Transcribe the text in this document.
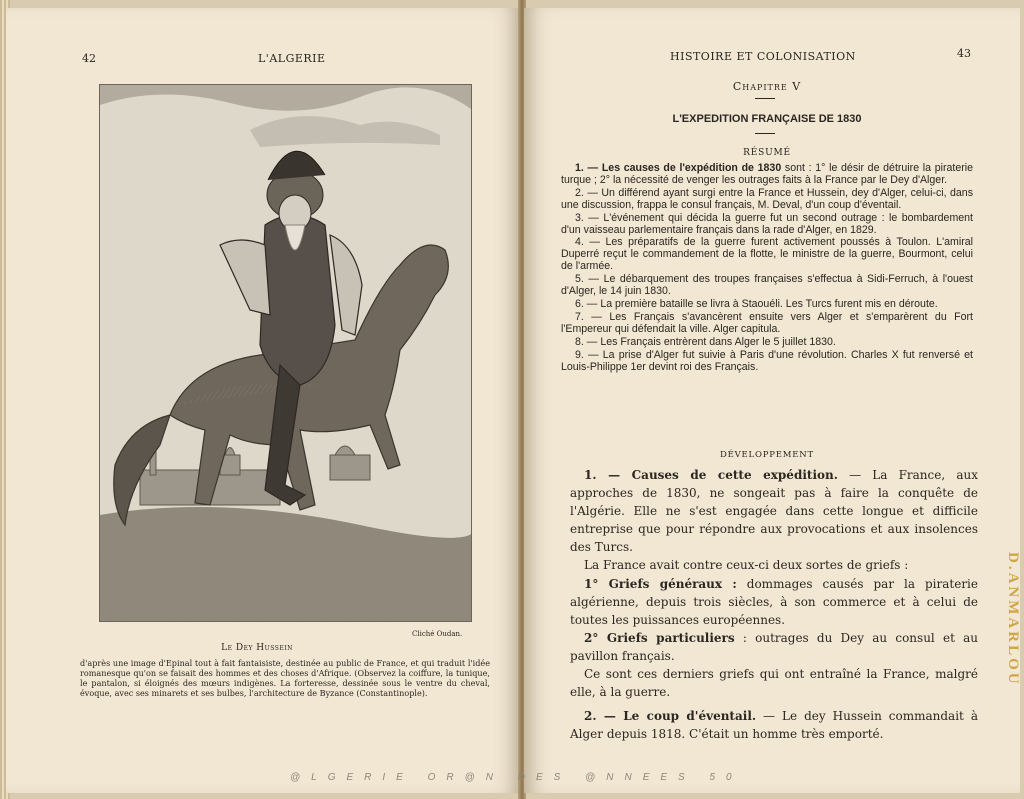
42	L'ALGERIE
Cliché Oudan.
Le Dey Hussein
d'après une image d'Epinal tout à fait fantaisiste, destinée au public de France, et qui traduit l'idée romanesque qu'on se faisait des hommes et des choses d'Afrique. (Observez la coiffure, la tunique, le pantalon, si éloignés des mœurs indigènes. La forteresse, dessinée sous le ventre du cheval, évoque, avec ses minarets et ses bulbes, l'architecture de Byzance (Constantinople).
HISTOIRE ET COLONISATION	43
Chapitre V
L'EXPEDITION FRANÇAISE DE 1830
RÉSUMÉ

1. — Les causes de l'expédition de 1830 sont : 1° le désir de détruire la piraterie turque ; 2° la nécessité de venger les outrages faits à la France par le Dey d'Alger.

2. — Un différend ayant surgi entre la France et Hussein, dey d'Alger, celui-ci, dans une discussion, frappa le consul français, M. Deval, d'un coup d'éventail.

3. — L'événement qui décida la guerre fut un second outrage : le bombardement d'un vaisseau parlementaire français dans la rade d'Alger, en 1829.

4. — Les préparatifs de la guerre furent activement poussés à Toulon. L'amiral Duperré reçut le commandement de la flotte, le ministre de la guerre, Bourmont, celui de l'armée.

5. — Le débarquement des troupes françaises s'effectua à Sidi-Ferruch, à l'ouest d'Alger, le 14 juin 1830.

6. — La première bataille se livra à Staouéli. Les Turcs furent mis en déroute.

7. — Les Français s'avancèrent ensuite vers Alger et s'emparèrent du Fort l'Empereur qui défendait la ville. Alger capitula.

8. — Les Français entrèrent dans Alger le 5 juillet 1830.

9. — La prise d'Alger fut suivie à Paris d'une révolution. Charles X fut renversé et Louis-Philippe 1er devint roi des Français.

DÉVELOPPEMENT

1. — Causes de cette expédition. — La France, aux approches de 1830, ne songeait pas à faire la conquête de l'Algérie. Elle ne s'est engagée dans cette longue et difficile entreprise que pour répondre aux provocations et aux insolences des Turcs.

La France avait contre ceux-ci deux sortes de griefs :

1° Griefs généraux : dommages causés par la piraterie algérienne, depuis trois siècles, à son commerce et à celui de toutes les puissances européennes.

2° Griefs particuliers : outrages du Dey au consul et au pavillon français.

Ce sont ces derniers griefs qui ont entraîné la France, malgré elle, à la guerre.

2. — Le coup d'éventail. — Le dey Hussein commandait à Alger depuis 1818. C'était un homme très emporté.

D.ANMARLOU
@LGERIE OR@N DES @NNEES 50
